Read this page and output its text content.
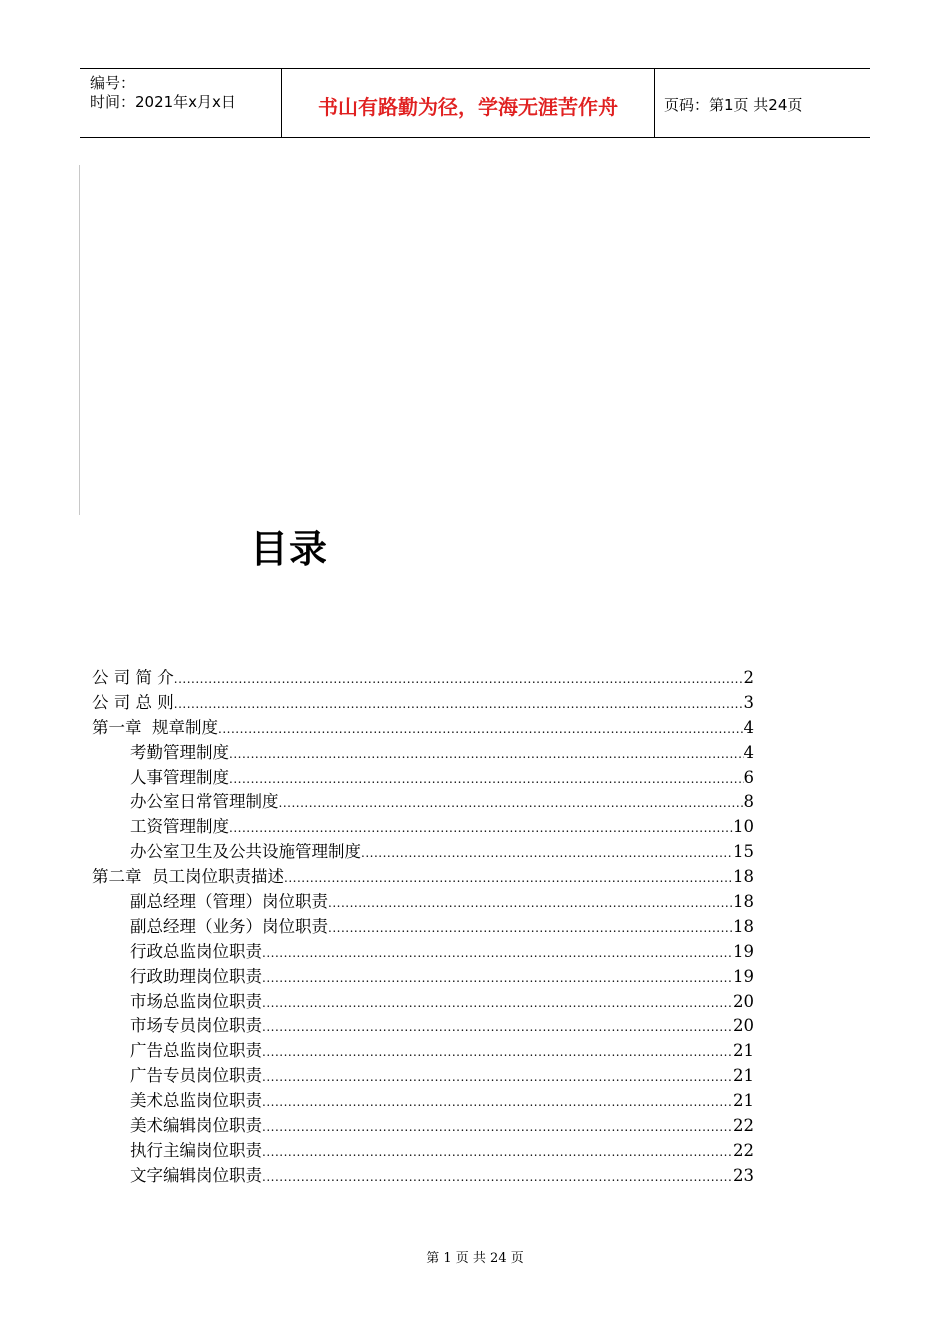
编号：
时间：2021年x月x日	书山有路勤为径，学海无涯苦作舟	页码：第1页 共24页
目录
公 司 简 介 .....	2
公 司 总 则 .....	3
第一章  规章制度 .....	4
考勤管理制度 .....	4
人事管理制度 .....	6
办公室日常管理制度 .....	8
工资管理制度 .....	10
办公室卫生及公共设施管理制度 .....	15
第二章  员工岗位职责描述 .....	18
副总经理（管理）岗位职责 .....	18
副总经理（业务）岗位职责 .....	18
行政总监岗位职责 .....	19
行政助理岗位职责 .....	19
市场总监岗位职责 .....	20
市场专员岗位职责 .....	20
广告总监岗位职责 .....	21
广告专员岗位职责 .....	21
美术总监岗位职责 .....	21
美术编辑岗位职责 .....	22
执行主编岗位职责 .....	22
文字编辑岗位职责 .....	23
第 1 页 共 24 页
